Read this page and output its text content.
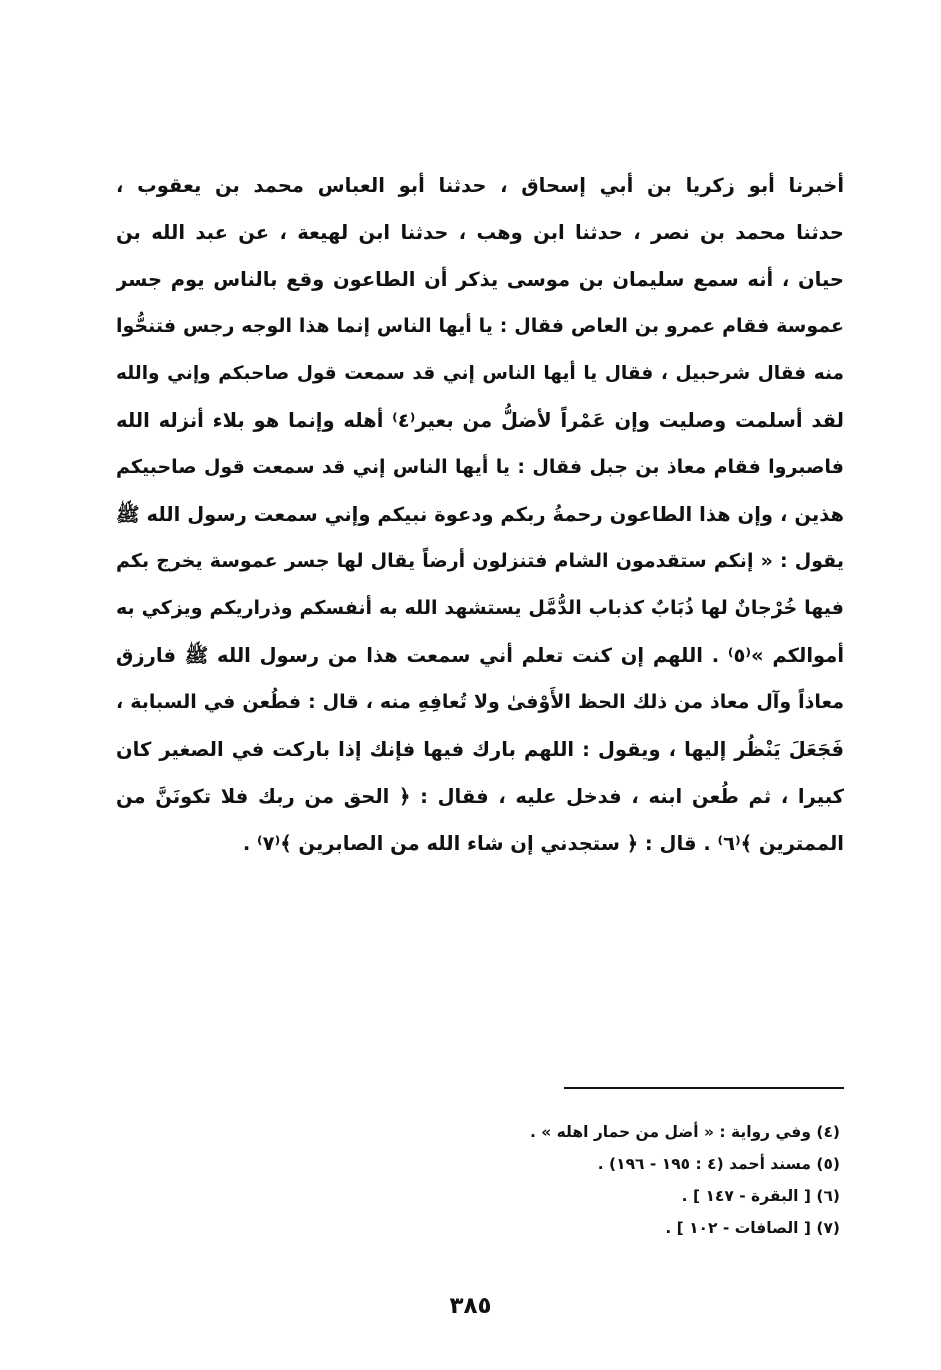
أخبرنا أبو زكريا بن أبي إسحاق ، حدثنا أبو العباس محمد بن يعقوب ،
حدثنا محمد بن نصر ، حدثنا ابن وهب ، حدثنا ابن لهيعة ، عن عبد الله بن
حيان ، أنه سمع سليمان بن موسى يذكر أن الطاعون وقع بالناس يوم جسر
عموسة فقام عمرو بن العاص فقال : يا أيها الناس إنما هذا الوجه رجس فتنحُّوا
منه فقال شرحبيل ، فقال يا أيها الناس إني قد سمعت قول صاحبكم وإني والله
لقد أسلمت وصليت وإن عَمْراً لأضلُّ من بعير⁽٤⁾ أهله وإنما هو بلاء أنزله الله
فاصبروا فقام معاذ بن جبل فقال : يا أيها الناس إني قد سمعت قول صاحبيكم
هذين ، وإن هذا الطاعون رحمةُ ربكم ودعوة نبيكم وإني سمعت رسول الله ﷺ
يقول : « إنكم ستقدمون الشام فتنزلون أرضاً يقال لها جسر عموسة يخرج بكم
فيها خُرْجانٌ لها ذُبَابٌ كذباب الدُّمَّل يستشهد الله به أنفسكم وذراريكم ويزكي به
أموالكم »⁽٥⁾ . اللهم إن كنت تعلم أني سمعت هذا من رسول الله ﷺ فارزق
معاذاً وآل معاذ من ذلك الحظ الأَوْفىٰ ولا تُعافِهِ منه ، قال : فطُعن في السبابة ،
فَجَعَلَ يَنْظُر إليها ، ويقول : اللهم بارك فيها فإنك إذا باركت في الصغير كان
كبيرا ، ثم طُعن ابنه ، فدخل عليه ، فقال : ﴿ الحق من ربك فلا تكونَنَّ من
الممترين ﴾⁽٦⁾ . قال : ﴿ ستجدني إن شاء الله من الصابرين ﴾⁽٧⁾ .
(٤) وفي رواية : « أضل من حمار اهله » .
(٥) مسند أحمد (٤ : ١٩٥ - ١٩٦) .
(٦) [ البقرة - ١٤٧ ] .
(٧) [ الصافات - ١٠٢ ] .
٣٨٥
